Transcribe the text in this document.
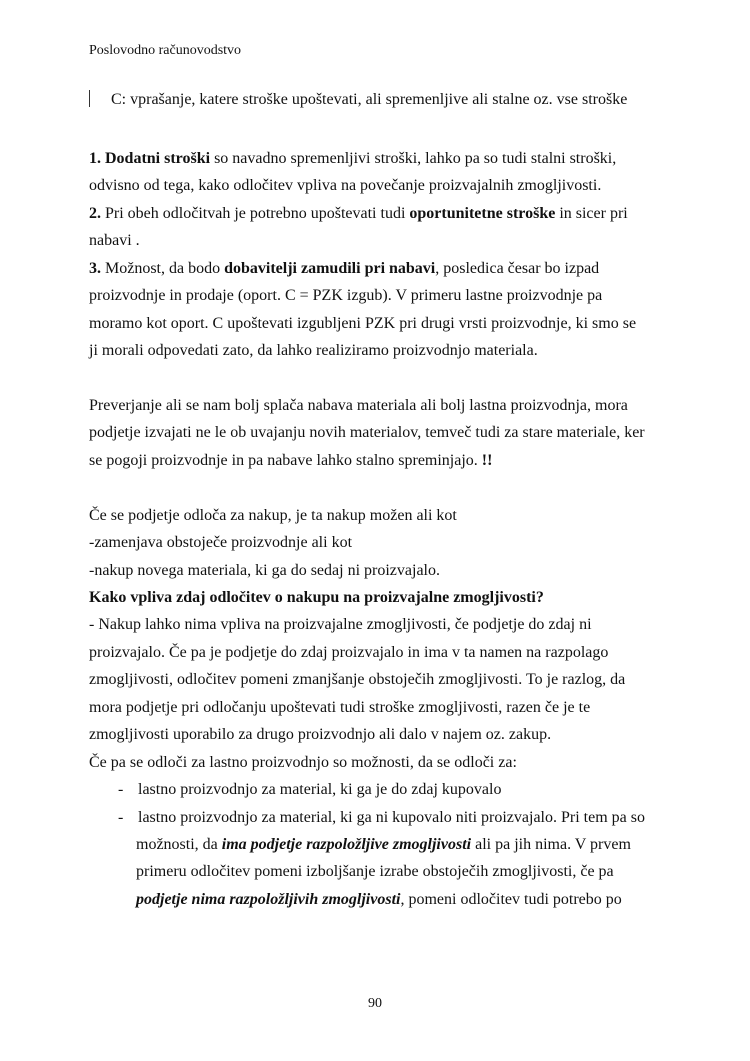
Poslovodno računovodstvo
C: vprašanje, katere stroške upoštevati, ali spremenljive ali stalne oz. vse stroške
1. Dodatni stroški so navadno spremenljivi stroški, lahko pa so tudi stalni stroški,
odvisno od tega, kako odločitev vpliva na povečanje proizvajalnih zmogljivosti.
2. Pri obeh odločitvah je potrebno upoštevati tudi oportunitetne stroške in sicer pri
nabavi .
3. Možnost, da bodo dobavitelji zamudili pri nabavi, posledica česar bo izpad
proizvodnje in prodaje (oport. C = PZK izgub). V primeru lastne proizvodnje pa
moramo kot oport. C upoštevati izgubljeni PZK pri drugi vrsti proizvodnje, ki smo se
ji morali odpovedati zato, da lahko realiziramo proizvodnjo materiala.
Preverjanje ali se nam bolj splača nabava materiala ali bolj lastna proizvodnja, mora
podjetje izvajati ne le ob uvajanju novih materialov, temveč tudi za stare materiale, ker
se pogoji proizvodnje in pa nabave lahko stalno spreminjajo. !!
Če se podjetje odloča za nakup, je ta nakup možen ali kot
-zamenjava obstoječe proizvodnje ali kot
-nakup novega materiala, ki ga do sedaj ni proizvajalo.
Kako vpliva zdaj odločitev o nakupu na proizvajalne zmogljivosti?
- Nakup lahko nima vpliva na proizvajalne zmogljivosti, če podjetje do zdaj ni
proizvajalo. Če pa je podjetje do zdaj proizvajalo in ima v ta namen na razpolago
zmogljivosti, odločitev pomeni zmanjšanje obstoječih zmogljivosti. To je razlog, da
mora podjetje pri odločanju upoštevati tudi stroške zmogljivosti, razen če je te
zmogljivosti uporabilo za drugo proizvodnjo ali dalo v najem oz. zakup.
Če pa se odloči za lastno proizvodnjo so možnosti, da se odloči za:
- lastno proizvodnjo za material, ki ga je do zdaj kupovalo
- lastno proizvodnjo za material, ki ga ni kupovalo niti proizvajalo. Pri tem pa so
možnosti, da ima podjetje razpoložljive zmogljivosti ali pa jih nima. V prvem
primeru odločitev pomeni izboljšanje izrabe obstoječih zmogljivosti, če pa
podjetje nima razpoložljivih zmogljivosti, pomeni odločitev tudi potrebo po
90
